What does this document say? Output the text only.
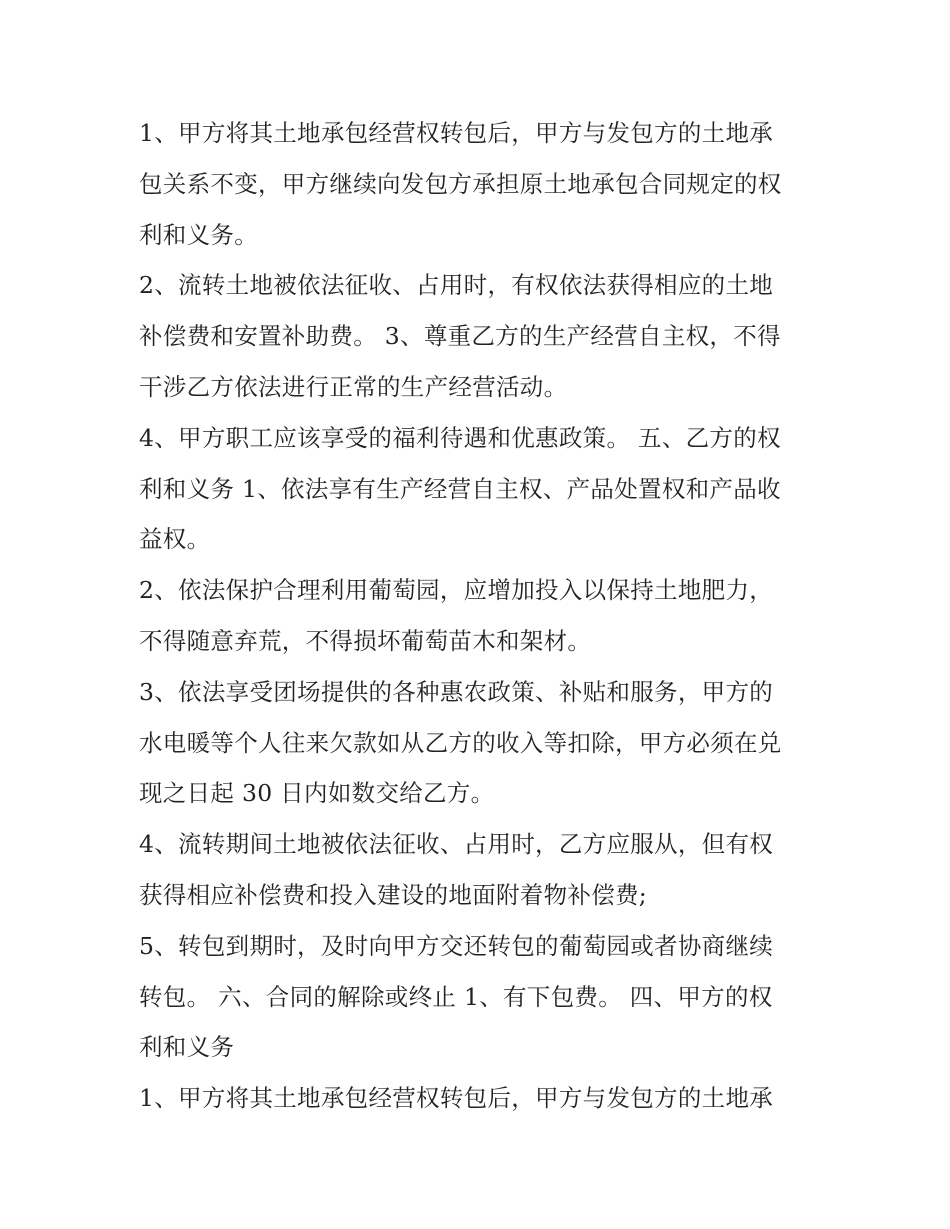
1、甲方将其土地承包经营权转包后，甲方与发包方的土地承
包关系不变，甲方继续向发包方承担原土地承包合同规定的权
利和义务。

2、流转土地被依法征收、占用时，有权依法获得相应的土地
补偿费和安置补助费。 3、尊重乙方的生产经营自主权，不得
干涉乙方依法进行正常的生产经营活动。

4、甲方职工应该享受的福利待遇和优惠政策。 五、乙方的权
利和义务 1、依法享有生产经营自主权、产品处置权和产品收
益权。

2、依法保护合理利用葡萄园，应增加投入以保持土地肥力，
不得随意弃荒，不得损坏葡萄苗木和架材。

3、依法享受团场提供的各种惠农政策、补贴和服务，甲方的
水电暖等个人往来欠款如从乙方的收入等扣除，甲方必须在兑
现之日起 30 日内如数交给乙方。

4、流转期间土地被依法征收、占用时，乙方应服从，但有权
获得相应补偿费和投入建设的地面附着物补偿费;

5、转包到期时，及时向甲方交还转包的葡萄园或者协商继续
转包。 六、合同的解除或终止 1、有下包费。 四、甲方的权
利和义务

1、甲方将其土地承包经营权转包后，甲方与发包方的土地承
